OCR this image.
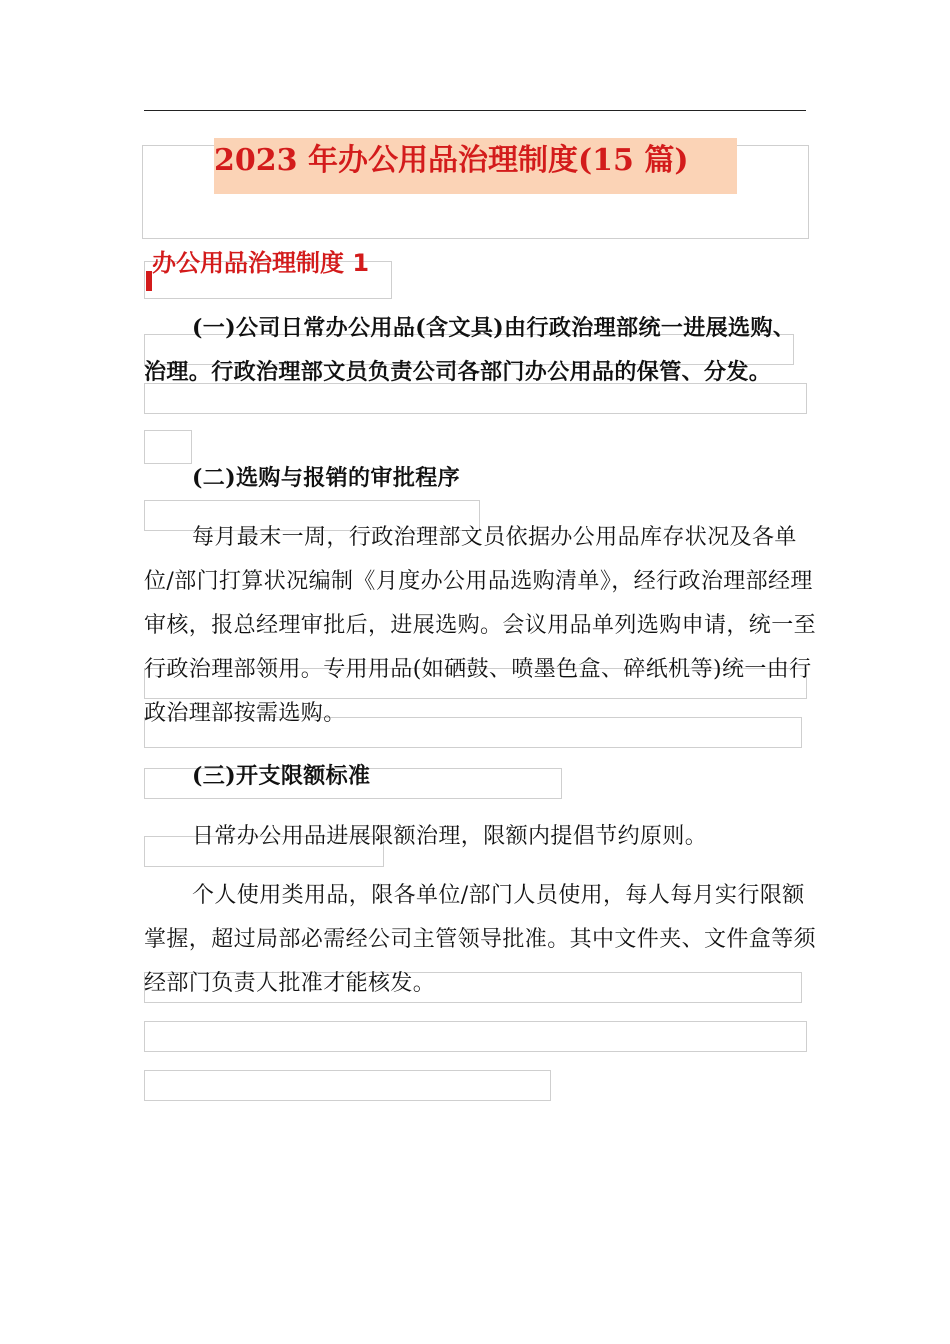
2023 年办公用品治理制度(15 篇)
办公用品治理制度 1

(一)公司日常办公用品(含文具)由行政治理部统一进展选购、治理。行政治理部文员负责公司各部门办公用品的保管、分发。

(二)选购与报销的审批程序

每月最末一周，行政治理部文员依据办公用品库存状况及各单位/部门打算状况编制《月度办公用品选购清单》，经行政治理部经理审核，报总经理审批后，进展选购。会议用品单列选购申请，统一至行政治理部领用。专用用品(如硒鼓、喷墨色盒、碎纸机等)统一由行政治理部按需选购。

(三)开支限额标准

日常办公用品进展限额治理，限额内提倡节约原则。

个人使用类用品，限各单位/部门人员使用，每人每月实行限额掌握，超过局部必需经公司主管领导批准。其中文件夹、文件盒等须经部门负责人批准才能核发。
